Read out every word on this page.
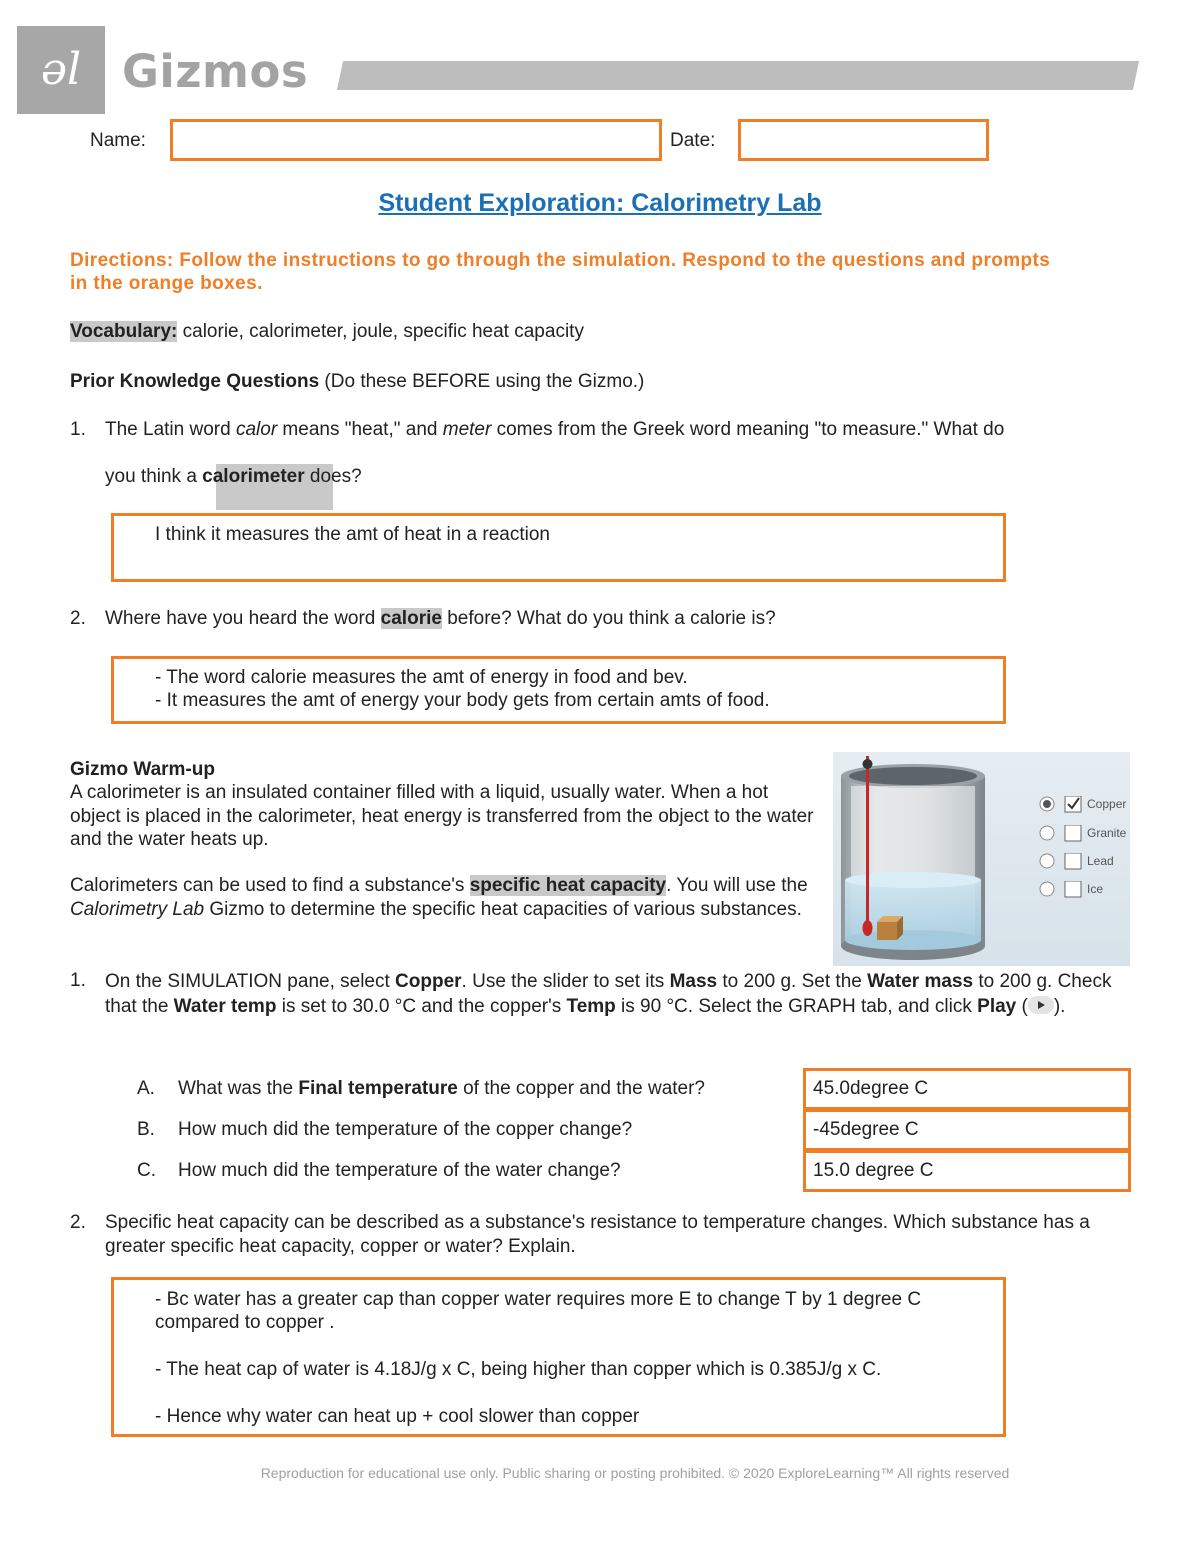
əl Gizmos
Name:	Date:
Student Exploration: Calorimetry Lab
Directions: Follow the instructions to go through the simulation. Respond to the questions and prompts in the orange boxes.
Vocabulary: calorie, calorimeter, joule, specific heat capacity
Prior Knowledge Questions (Do these BEFORE using the Gizmo.)
1. The Latin word calor means "heat," and meter comes from the Greek word meaning "to measure." What do
you think a calorimeter does?
I think it measures the amt of heat in a reaction
2. Where have you heard the word calorie before? What do you think a calorie is?
- The word calorie measures the amt of energy in food and bev.
- It measures the amt of energy your body gets from certain amts of food.
Gizmo Warm-up
A calorimeter is an insulated container filled with a liquid, usually water. When a hot object is placed in the calorimeter, heat energy is transferred from the object to the water and the water heats up.
Calorimeters can be used to find a substance's specific heat capacity. You will use the Calorimetry Lab Gizmo to determine the specific heat capacities of various substances.
Copper
Granite
Lead
Ice
1. On the SIMULATION pane, select Copper. Use the slider to set its Mass to 200 g. Set the Water mass to 200 g. Check that the Water temp is set to 30.0 °C and the copper's Temp is 90 °C. Select the GRAPH tab, and click Play ( ).
A. What was the Final temperature of the copper and the water?
B. How much did the temperature of the copper change?
C. How much did the temperature of the water change?
45.0degree C
-45degree C
15.0 degree C
2. Specific heat capacity can be described as a substance's resistance to temperature changes. Which substance has a greater specific heat capacity, copper or water? Explain.
- Bc water has a greater cap than copper water requires more E to change T by 1 degree C compared to copper .
- The heat cap of water is 4.18J/g x C, being higher than copper which is 0.385J/g x C.
- Hence why water can heat up + cool slower than copper
Reproduction for educational use only. Public sharing or posting prohibited. © 2020 ExploreLearning™ All rights reserved
